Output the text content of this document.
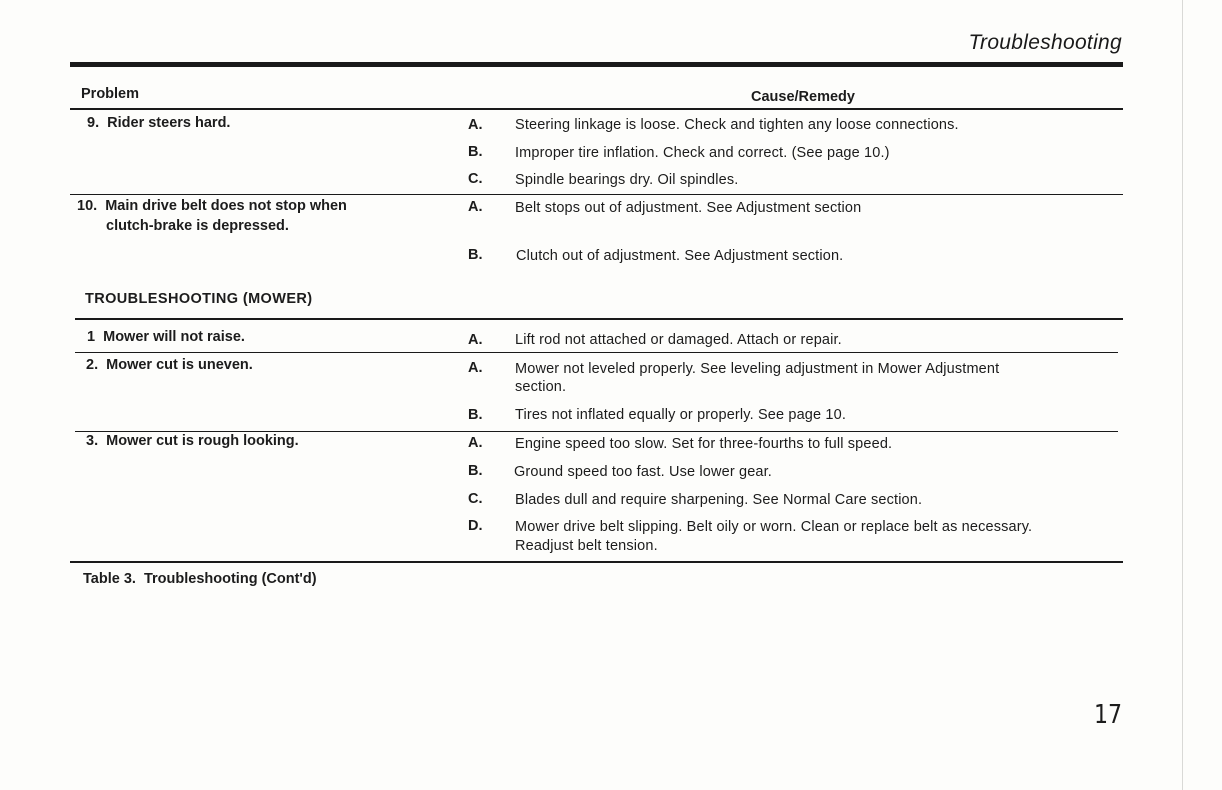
Troubleshooting
Problem	Cause/Remedy
9.  Rider steers hard.	A. Steering linkage is loose. Check and tighten any loose connections.
B. Improper tire inflation. Check and correct. (See page 10.)
C. Spindle bearings dry. Oil spindles.
10.  Main drive belt does not stop when
clutch-brake is depressed.
A. Belt stops out of adjustment. See Adjustment section
B. Clutch out of adjustment. See Adjustment section.
TROUBLESHOOTING (MOWER)
1  Mower will not raise.	A. Lift rod not attached or damaged. Attach or repair.
2.  Mower cut is uneven.	A. Mower not leveled properly. See leveling adjustment in Mower Adjustment
section.
B. Tires not inflated equally or properly. See page 10.
3.  Mower cut is rough looking.	A. Engine speed too slow. Set for three-fourths to full speed.
B. Ground speed too fast. Use lower gear.
C. Blades dull and require sharpening. See Normal Care section.
D. Mower drive belt slipping. Belt oily or worn. Clean or replace belt as necessary.
Readjust belt tension.
Table 3.  Troubleshooting (Cont'd)
17
